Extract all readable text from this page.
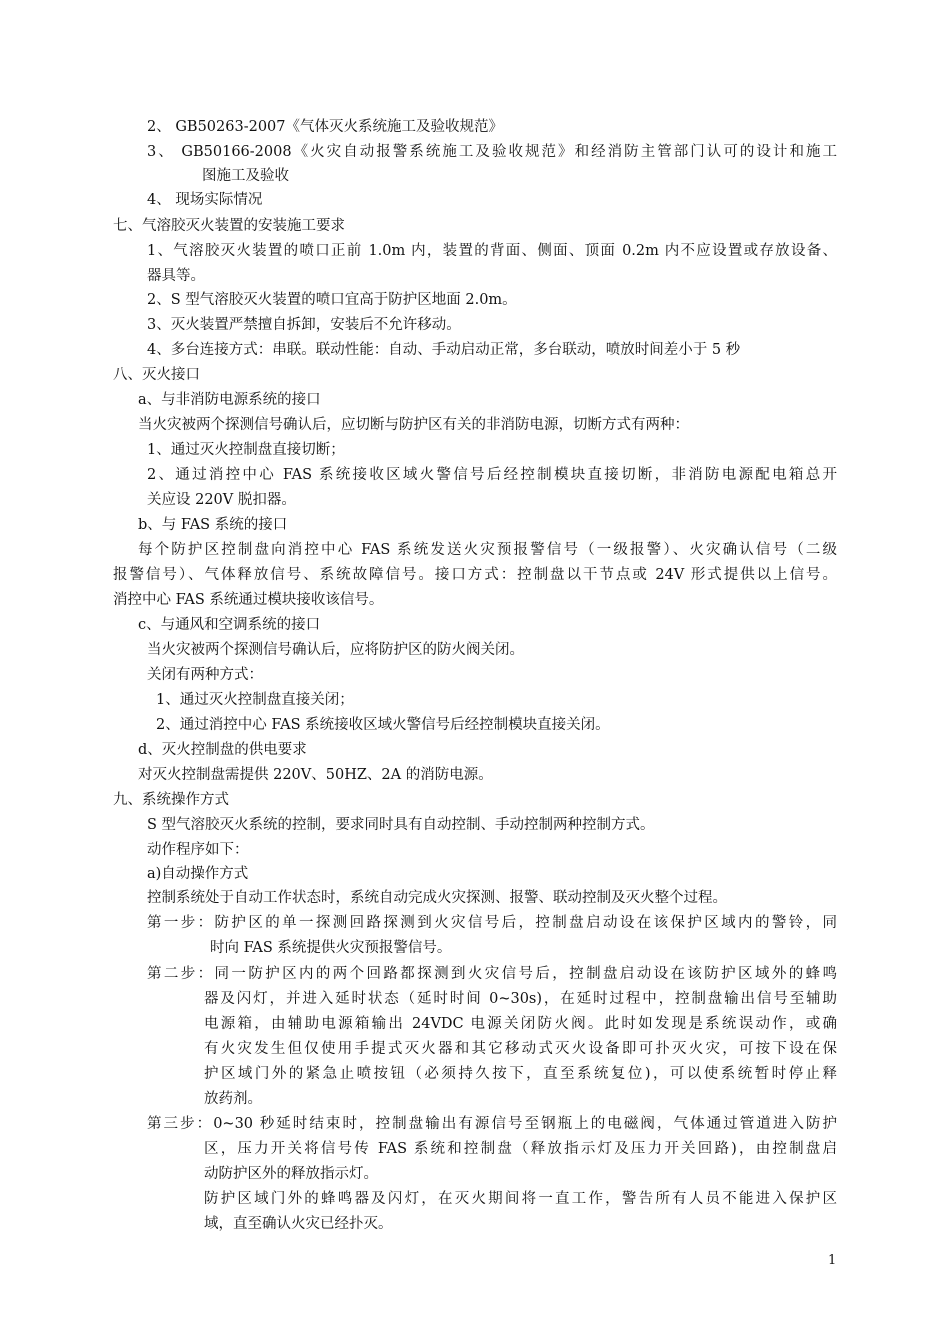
2、 GB50263-2007《气体灭火系统施工及验收规范》
3、 GB50166-2008《火灾自动报警系统施工及验收规范》和经消防主管部门认可的设计和施工
图施工及验收
4、 现场实际情况
七、气溶胶灭火装置的安装施工要求
1、气溶胶灭火装置的喷口正前 1.0m 内，装置的背面、侧面、顶面 0.2m 内不应设置或存放设备、
器具等。
2、S 型气溶胶灭火装置的喷口宜高于防护区地面 2.0m。
3、灭火装置严禁擅自拆卸，安装后不允许移动。
4、多台连接方式：串联。联动性能：自动、手动启动正常，多台联动，喷放时间差小于 5 秒
八、灭火接口
a、与非消防电源系统的接口
当火灾被两个探测信号确认后，应切断与防护区有关的非消防电源，切断方式有两种：
1、通过灭火控制盘直接切断；
2、通过消控中心 FAS 系统接收区域火警信号后经控制模块直接切断，非消防电源配电箱总开
关应设 220V 脱扣器。
b、与 FAS 系统的接口
每个防护区控制盘向消控中心 FAS 系统发送火灾预报警信号（一级报警）、火灾确认信号（二级
报警信号）、气体释放信号、系统故障信号。接口方式：控制盘以干节点或 24V 形式提供以上信号。
消控中心 FAS 系统通过模块接收该信号。
c、与通风和空调系统的接口
当火灾被两个探测信号确认后，应将防护区的防火阀关闭。
关闭有两种方式：
1、通过灭火控制盘直接关闭；
2、通过消控中心 FAS 系统接收区域火警信号后经控制模块直接关闭。
d、灭火控制盘的供电要求
对灭火控制盘需提供 220V、50HZ、2A 的消防电源。
九、系统操作方式
S 型气溶胶灭火系统的控制，要求同时具有自动控制、手动控制两种控制方式。
动作程序如下：
a)自动操作方式
控制系统处于自动工作状态时，系统自动完成火灾探测、报警、联动控制及灭火整个过程。
第一步：防护区的单一探测回路探测到火灾信号后，控制盘启动设在该保护区域内的警铃，同
时向 FAS 系统提供火灾预报警信号。
第二步：同一防护区内的两个回路都探测到火灾信号后，控制盘启动设在该防护区域外的蜂鸣
器及闪灯，并进入延时状态（延时时间 0~30s)，在延时过程中，控制盘输出信号至辅助
电源箱，由辅助电源箱输出 24VDC 电源关闭防火阀。此时如发现是系统误动作，或确
有火灾发生但仅使用手提式灭火器和其它移动式灭火设备即可扑灭火灾，可按下设在保
护区域门外的紧急止喷按钮（必须持久按下，直至系统复位)，可以使系统暂时停止释
放药剂。
第三步：0~30 秒延时结束时，控制盘输出有源信号至钢瓶上的电磁阀，气体通过管道进入防护
区，压力开关将信号传 FAS 系统和控制盘（释放指示灯及压力开关回路)，由控制盘启
动防护区外的释放指示灯。
防护区域门外的蜂鸣器及闪灯，在灭火期间将一直工作，警告所有人员不能进入保护区
域，直至确认火灾已经扑灭。
1
